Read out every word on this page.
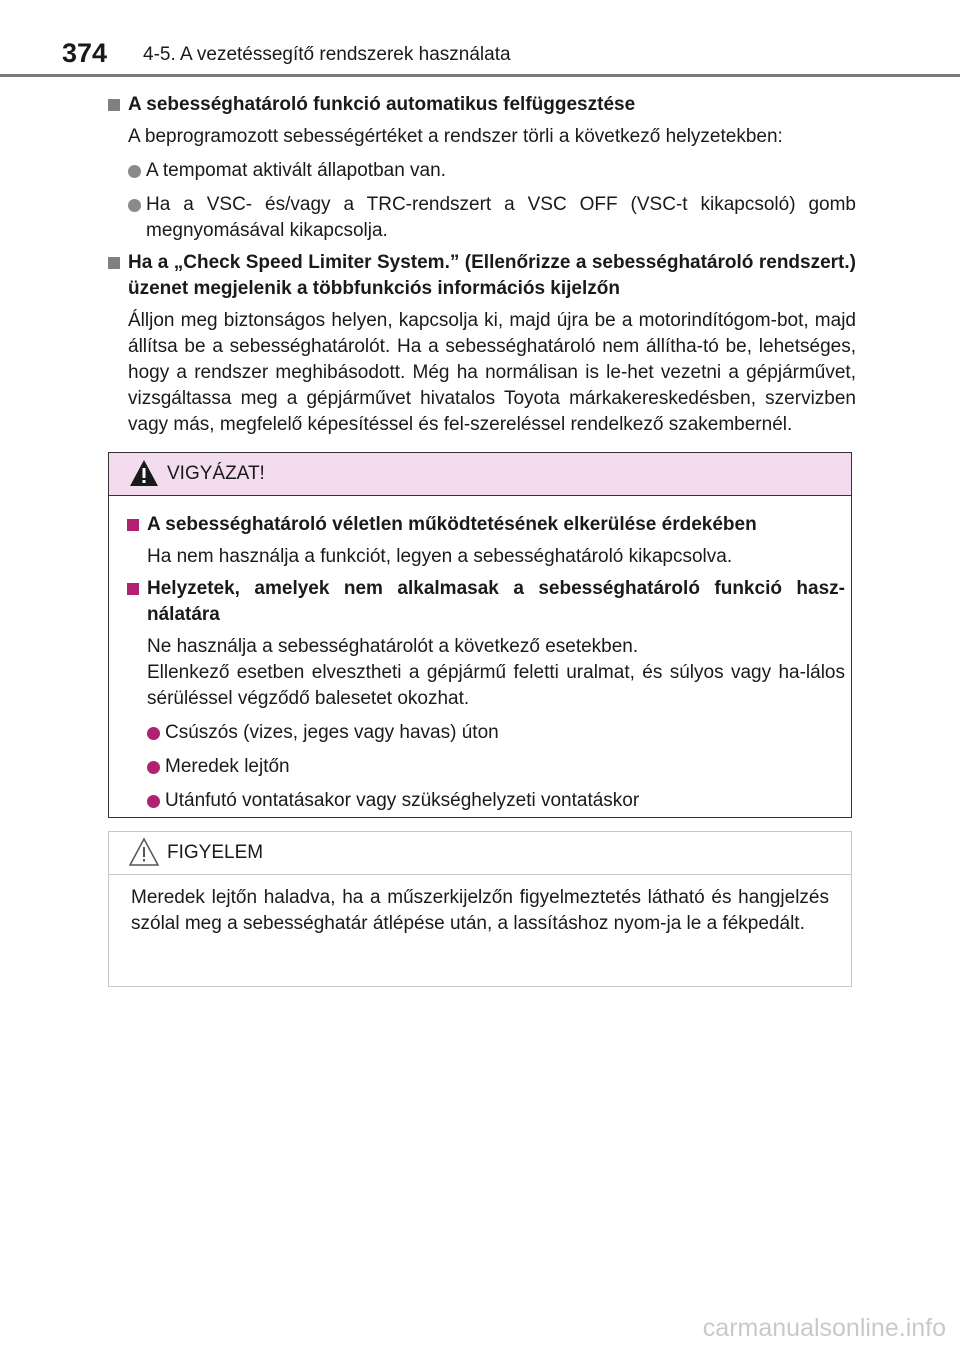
374 4-5. A vezetéssegítő rendszerek használata
A sebességhatároló funkció automatikus felfüggesztése
A beprogramozott sebességértéket a rendszer törli a következő helyzetekben:
A tempomat aktivált állapotban van.
Ha a VSC- és/vagy a TRC-rendszert a VSC OFF (VSC-t kikapcsoló) gomb megnyomásával kikapcsolja.
Ha a „Check Speed Limiter System.” (Ellenőrizze a sebességhatároló rendszert.) üzenet megjelenik a többfunkciós információs kijelzőn
Álljon meg biztonságos helyen, kapcsolja ki, majd újra be a motorindítógom-bot, majd állítsa be a sebességhatárolót. Ha a sebességhatároló nem állítha-tó be, lehetséges, hogy a rendszer meghibásodott. Még ha normálisan is le-het vezetni a gépjárművet, vizsgáltassa meg a gépjárművet hivatalos Toyota márkakereskedésben, szervizben vagy más, megfelelő képesítéssel és fel-szereléssel rendelkező szakembernél.
VIGYÁZAT!
A sebességhatároló véletlen működtetésének elkerülése érdekében
Ha nem használja a funkciót, legyen a sebességhatároló kikapcsolva.
Helyzetek, amelyek nem alkalmasak a sebességhatároló funkció hasz-nálatára
Ne használja a sebességhatárolót a következő esetekben.
Ellenkező esetben elvesztheti a gépjármű feletti uralmat, és súlyos vagy ha-lálos sérüléssel végződő balesetet okozhat.
Csúszós (vizes, jeges vagy havas) úton
Meredek lejtőn
Utánfutó vontatásakor vagy szükséghelyzeti vontatáskor
FIGYELEM
Meredek lejtőn haladva, ha a műszerkijelzőn figyelmeztetés látható és hangjelzés szólal meg a sebességhatár átlépése után, a lassításhoz nyom-ja le a fékpedált.
carmanualsonline.info
